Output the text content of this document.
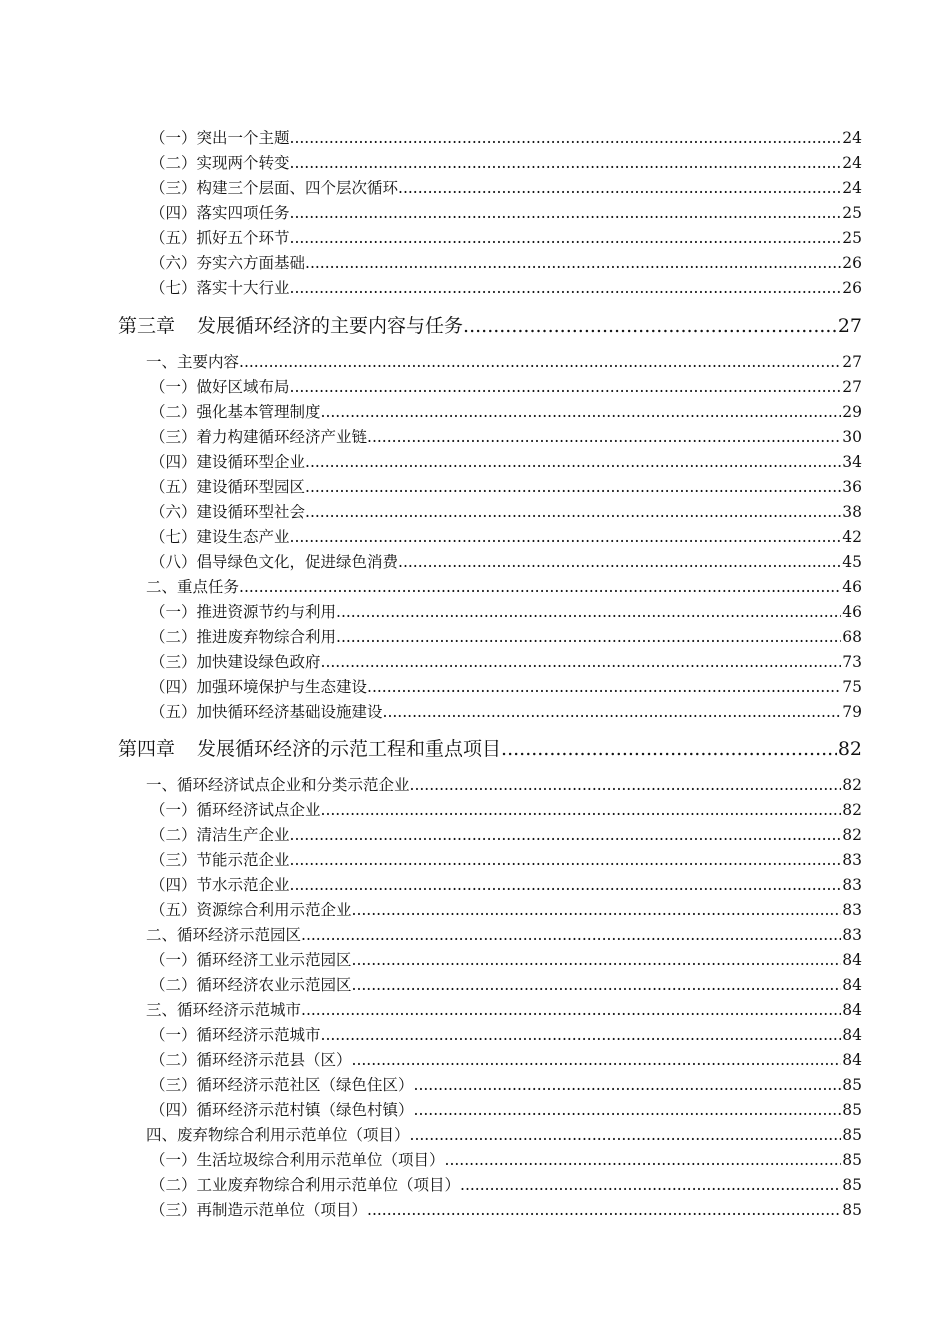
（一）突出一个主题 .....	24
（二）实现两个转变 .....	24
（三）构建三个层面、四个层次循环 .....	24
（四）落实四项任务 .....	25
（五）抓好五个环节 .....	25
（六）夯实六方面基础 .....	26
（七）落实十大行业 .....	26
第三章 发展循环经济的主要内容与任务 .....	27
一、主要内容 .....	27
（一）做好区域布局 .....	27
（二）强化基本管理制度 .....	29
（三）着力构建循环经济产业链 .....	30
（四）建设循环型企业 .....	34
（五）建设循环型园区 .....	36
（六）建设循环型社会 .....	38
（七）建设生态产业 .....	42
（八）倡导绿色文化，促进绿色消费 .....	45
二、重点任务 .....	46
（一）推进资源节约与利用 .....	46
（二）推进废弃物综合利用 .....	68
（三）加快建设绿色政府 .....	73
（四）加强环境保护与生态建设 .....	75
（五）加快循环经济基础设施建设 .....	79
第四章 发展循环经济的示范工程和重点项目 .....	82
一、循环经济试点企业和分类示范企业 .....	82
（一）循环经济试点企业 .....	82
（二）清洁生产企业 .....	82
（三）节能示范企业 .....	83
（四）节水示范企业 .....	83
（五）资源综合利用示范企业 .....	83
二、循环经济示范园区 .....	83
（一）循环经济工业示范园区 .....	84
（二）循环经济农业示范园区 .....	84
三、循环经济示范城市 .....	84
（一）循环经济示范城市 .....	84
（二）循环经济示范县（区） .....	84
（三）循环经济示范社区（绿色住区） .....	85
（四）循环经济示范村镇（绿色村镇） .....	85
四、废弃物综合利用示范单位（项目） .....	85
（一）生活垃圾综合利用示范单位（项目） .....	85
（二）工业废弃物综合利用示范单位（项目） .....	85
（三）再制造示范单位（项目） .....	85
